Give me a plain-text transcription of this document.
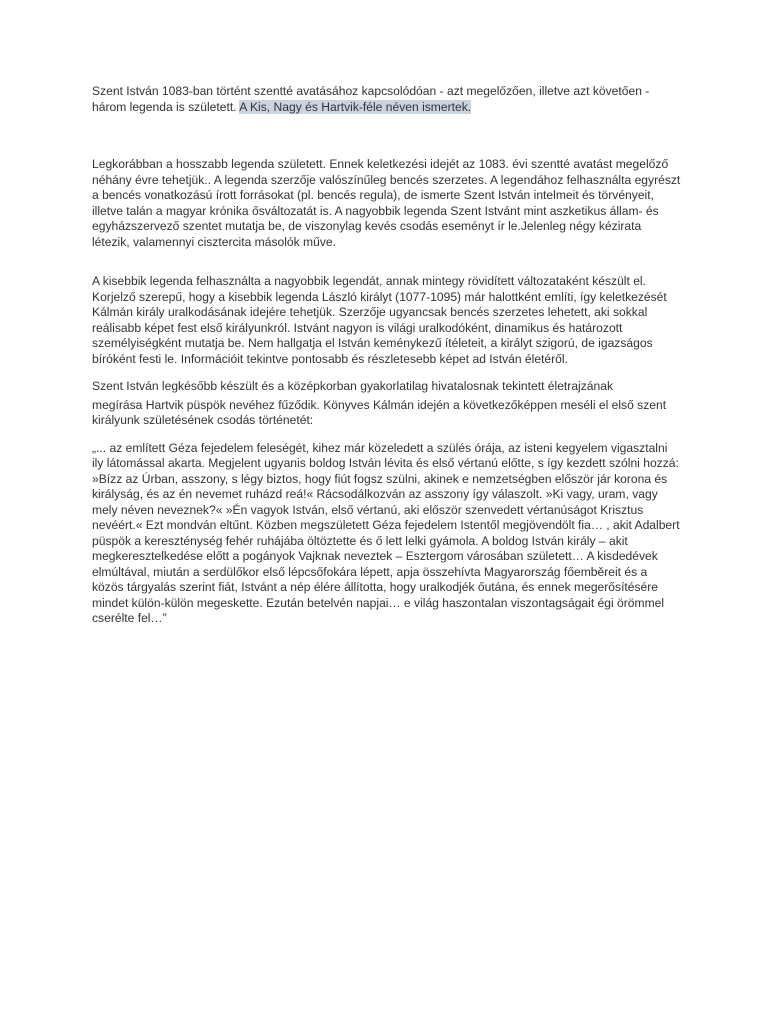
Szent István 1083-ban történt szentté avatásához kapcsolódóan - azt megelőzően, illetve azt követően - három legenda is született. A Kis, Nagy és Hartvik-féle néven ismertek.

Legkorábban a hosszabb legenda született. Ennek keletkezési idejét az 1083. évi szentté avatást megelőző néhány évre tehetjük.. A legenda szerzője valószínűleg bencés szerzetes. A legendához felhasználta egyrészt a bencés vonatkozású írott forrásokat (pl. bencés regula), de ismerte Szent István intelmeit és törvényeit, illetve talán a magyar krónika ősváltozatát is. A nagyobbik legenda Szent Istvánt mint aszketikus állam- és egyházszervező szentet mutatja be, de viszonylag kevés csodás eseményt ír le.Jelenleg négy kézirata létezik, valamennyi cisztercita másolók műve.

A kisebbik legenda felhasználta a nagyobbik legendát, annak mintegy rövidített változataként készült el. Korjelző szerepű, hogy a kisebbik legenda László királyt (1077-1095) már halottként említi, így keletkezését Kálmán király uralkodásának idejére tehetjük. Szerzője ugyancsak bencés szerzetes lehetett, aki sokkal reálisabb képet fest első királyunkról. Istvánt nagyon is világi uralkodóként, dinamikus és határozott személyiségként mutatja be. Nem hallgatja el István keménykezű ítéleteit, a királyt szigorú, de igazságos bíróként festi le. Információit tekintve pontosabb és részletesebb képet ad István életéről.

Szent István legkésőbb készült és a középkorban gyakorlatilag hivatalosnak tekintett életrajzának
megírása Hartvik püspök nevéhez fűződik. Könyves Kálmán idején a következőképpen meséli el első szent királyunk születésének csodás történetét:

„... az említett Géza fejedelem feleségét, kihez már közeledett a szülés órája, az isteni kegyelem vigasztalni ily látomással akarta. Megjelent ugyanis boldog István lévita és első vértanú előtte, s így kezdett szólni hozzá: »Bízz az Úrban, asszony, s légy biztos, hogy fiút fogsz szülni, akinek e nemzetségben először jár korona és királyság, és az én nevemet ruházd reá!« Rácsodálkozván az asszony így válaszolt. »Ki vagy, uram, vagy mely néven neveznek?« »Én vagyok István, első vértanú, aki először szenvedett vértanúságot Krisztus nevéért.« Ezt mondván eltűnt. Közben megszületett Géza fejedelem Istentől megjövendölt fia… , akit Adalbert püspök a kereszténység fehér ruhájába öltöztette és ő lett lelki gyámola. A boldog István király – akit megkeresztelkedése előtt a pogányok Vajknak neveztek – Esztergom városában született… A kisdedévek elmúltával, miután a serdülőkor első lépcsőfokára lépett, apja összehívta Magyarország főemběreit és a közös tárgyalás szerint fiát, Istvánt a nép élére állította, hogy uralkodjék őutána, és ennek megerősítésére mindet külön-külön megeskette. Ezután betelvén napjai… e világ haszontalan viszontagságait égi örömmel cserélte fel…”
